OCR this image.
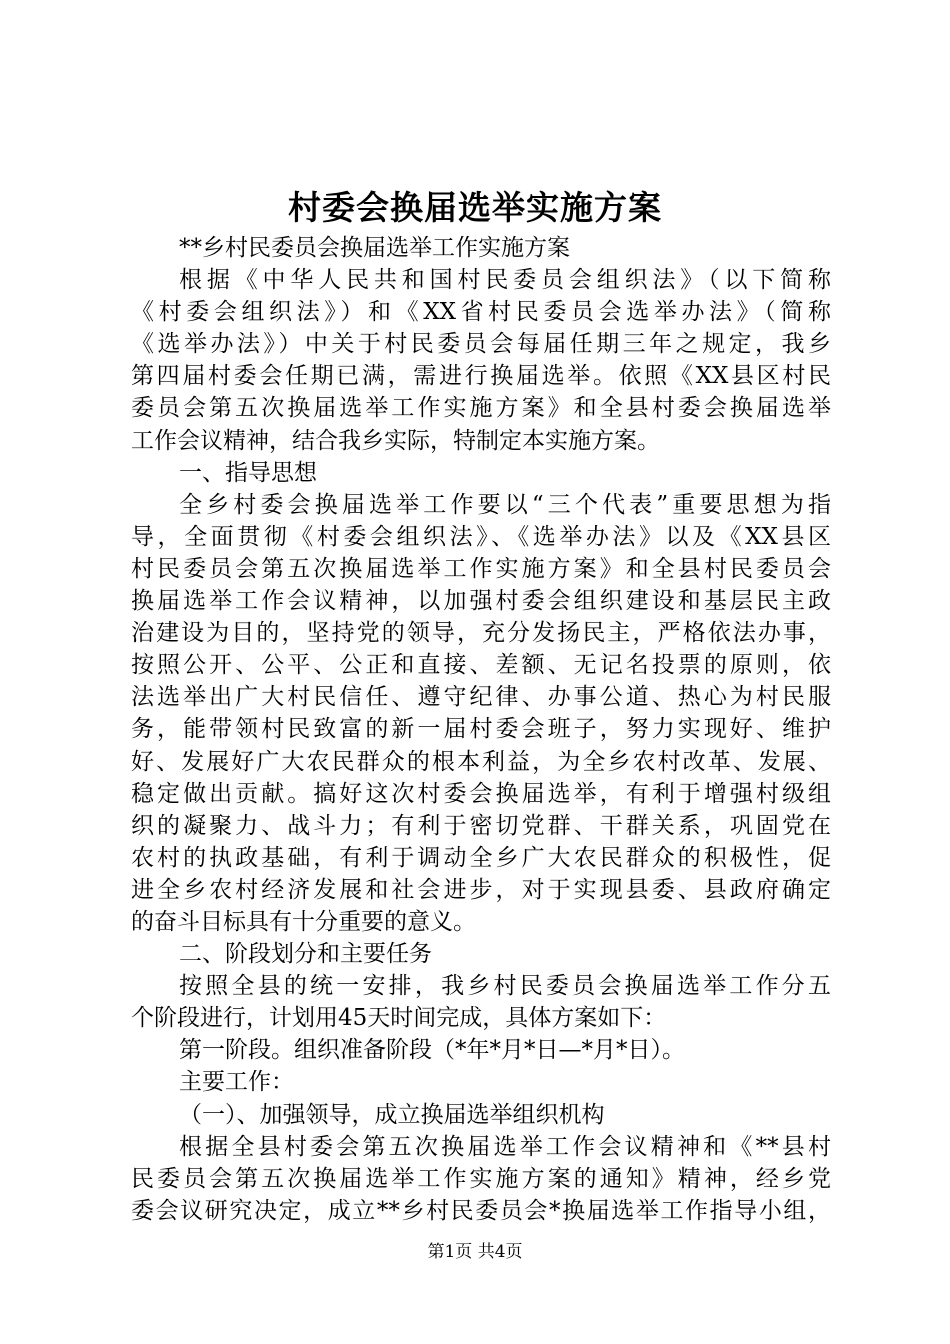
村委会换届选举实施方案
**乡村民委员会换届选举工作实施方案
根据《中华人民共和国村民委员会组织法》（以下简称
《村委会组织法》）和《XX省村民委员会选举办法》（简称
《选举办法》）中关于村民委员会每届任期三年之规定，我乡
第四届村委会任期已满，需进行换届选举。依照《XX县区村民
委员会第五次换届选举工作实施方案》和全县村委会换届选举
工作会议精神，结合我乡实际，特制定本实施方案。
一、指导思想
全乡村委会换届选举工作要以“三个代表”重要思想为指
导，全面贯彻《村委会组织法》、《选举办法》以及《XX县区
村民委员会第五次换届选举工作实施方案》和全县村民委员会
换届选举工作会议精神，以加强村委会组织建设和基层民主政
治建设为目的，坚持党的领导，充分发扬民主，严格依法办事，
按照公开、公平、公正和直接、差额、无记名投票的原则，依
法选举出广大村民信任、遵守纪律、办事公道、热心为村民服
务，能带领村民致富的新一届村委会班子，努力实现好、维护
好、发展好广大农民群众的根本利益，为全乡农村改革、发展、
稳定做出贡献。搞好这次村委会换届选举，有利于增强村级组
织的凝聚力、战斗力；有利于密切党群、干群关系，巩固党在
农村的执政基础，有利于调动全乡广大农民群众的积极性，促
进全乡农村经济发展和社会进步，对于实现县委、县政府确定
的奋斗目标具有十分重要的意义。
二、阶段划分和主要任务
按照全县的统一安排，我乡村民委员会换届选举工作分五
个阶段进行，计划用45天时间完成，具体方案如下：
第一阶段。组织准备阶段（*年*月*日—*月*日）。
主要工作：
（一）、加强领导，成立换届选举组织机构
根据全县村委会第五次换届选举工作会议精神和《**县村
民委员会第五次换届选举工作实施方案的通知》精神，经乡党
委会议研究决定，成立**乡村民委员会*换届选举工作指导小组，
第1页 共4页
